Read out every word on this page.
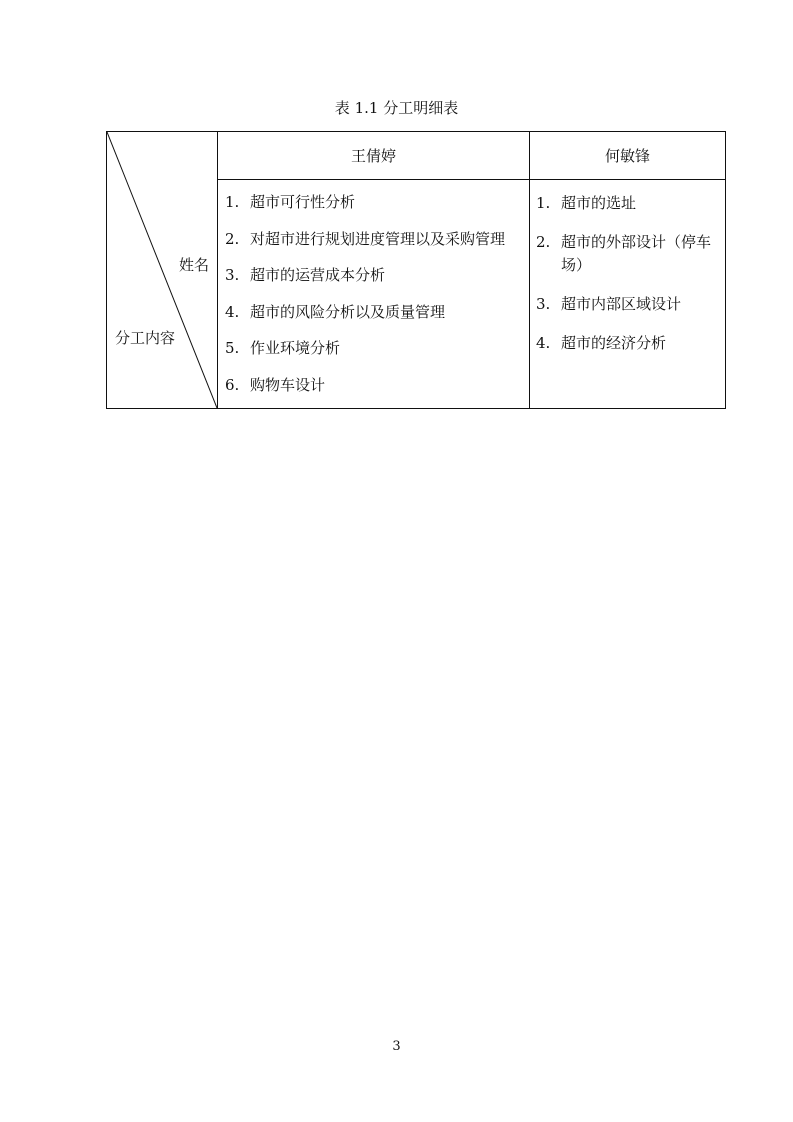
表 1.1 分工明细表
姓名
分工内容
王倩婷	何敏锋
1. 超市可行性分析
2. 对超市进行规划进度管理以及采购管理
3. 超市的运营成本分析
4. 超市的风险分析以及质量管理
5. 作业环境分析
6. 购物车设计
1. 超市的选址
2. 超市的外部设计（停车场）
3. 超市内部区域设计
4. 超市的经济分析
3
